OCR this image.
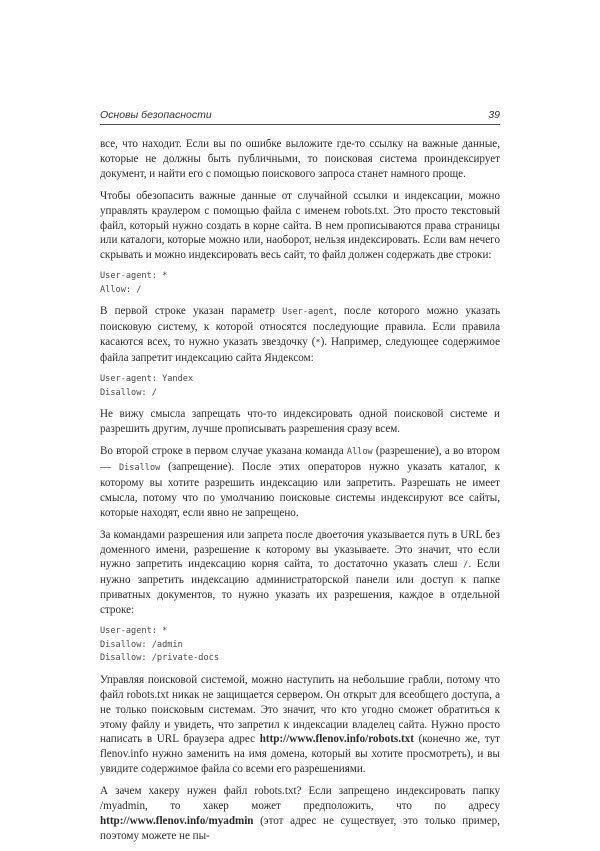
Основы безопасности	39

все, что находит. Если вы по ошибке выложите где-то ссылку на важные данные, которые не должны быть публичными, то поисковая система проиндексирует документ, и найти его с помощью поискового запроса станет намного проще.

Чтобы обезопасить важные данные от случайной ссылки и индексации, можно управлять краулером с помощью файла с именем robots.txt. Это просто текстовый файл, который нужно создать в корне сайта. В нем прописываются права страницы или каталоги, которые можно или, наоборот, нельзя индексировать. Если вам нечего скрывать и можно индексировать весь сайт, то файл должен содержать две строки:

User-agent: *
Allow: /

В первой строке указан параметр User-agent, после которого можно указать поисковую систему, к которой относятся последующие правила. Если правила касаются всех, то нужно указать звездочку (*). Например, следующее содержимое файла запретит индексацию сайта Яндексом:

User-agent: Yandex
Disallow: /

Не вижу смысла запрещать что-то индексировать одной поисковой системе и разрешить другим, лучше прописывать разрешения сразу всем.

Во второй строке в первом случае указана команда Allow (разрешение), а во втором — Disallow (запрещение). После этих операторов нужно указать каталог, к которому вы хотите разрешить индексацию или запретить. Разрешать не имеет смысла, потому что по умолчанию поисковые системы индексируют все сайты, которые находят, если явно не запрещено.

За командами разрешения или запрета после двоеточия указывается путь в URL без доменного имени, разрешение к которому вы указываете. Это значит, что если нужно запретить индексацию корня сайта, то достаточно указать слеш /. Если нужно запретить индексацию администраторской панели или доступ к папке приватных документов, то нужно указать их разрешения, каждое в отдельной строке:

User-agent: *
Disallow: /admin
Disallow: /private-docs

Управляя поисковой системой, можно наступить на небольшие грабли, потому что файл robots.txt никак не защищается сервером. Он открыт для всеобщего доступа, а не только поисковым системам. Это значит, что кто угодно сможет обратиться к этому файлу и увидеть, что запретил к индексации владелец сайта. Нужно просто написать в URL браузера адрес http://www.flenov.info/robots.txt (конечно же, тут flenov.info нужно заменить на имя домена, который вы хотите просмотреть), и вы увидите содержимое файла со всеми его разрешениями.

А зачем хакеру нужен файл robots.txt? Если запрещено индексировать папку /myadmin, то хакер может предположить, что по адресу http://www.flenov.info/myadmin (этот адрес не существует, это только пример, поэтому можете не пы-
